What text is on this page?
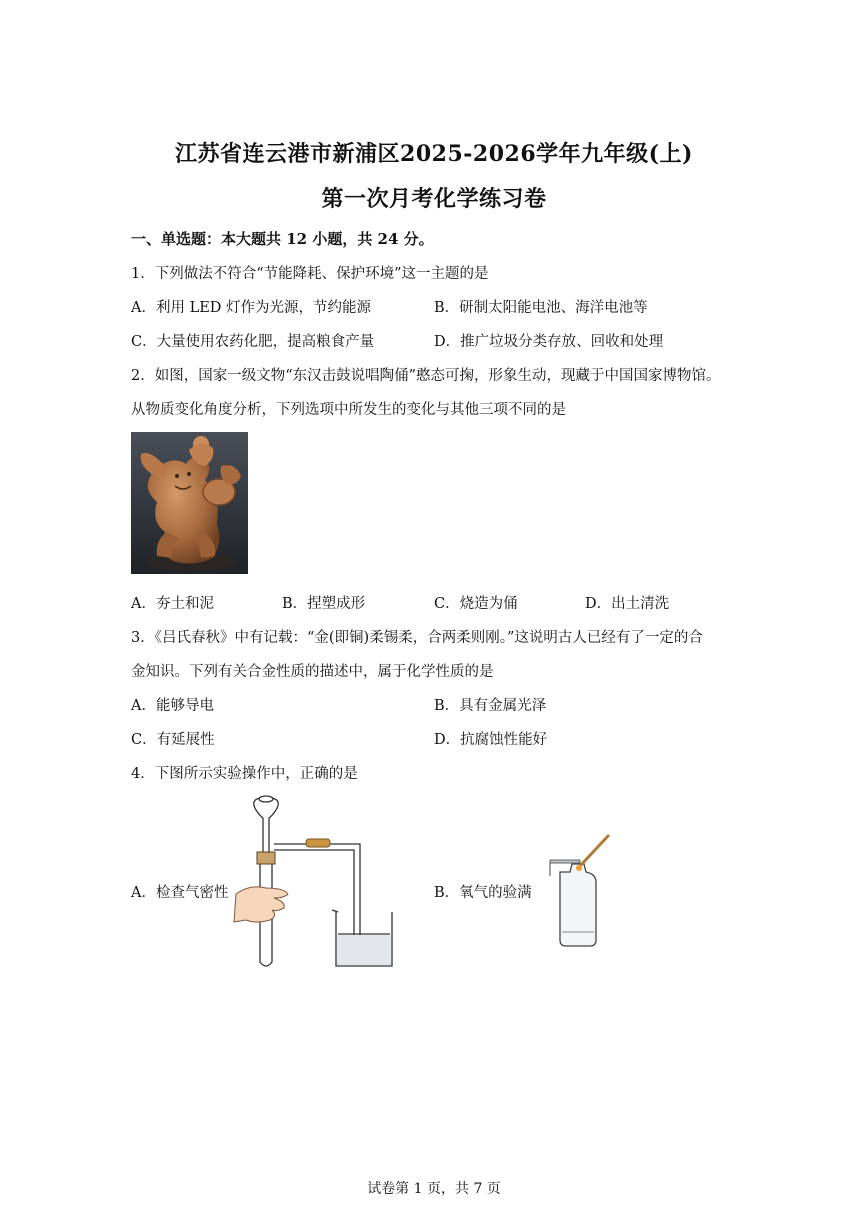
江苏省连云港市新浦区2025-2026学年九年级(上)
第一次月考化学练习卷
一、单选题：本大题共 12 小题，共 24 分。
1．下列做法不符合“节能降耗、保护环境”这一主题的是
A．利用 LED 灯作为光源，节约能源	B．研制太阳能电池、海洋电池等
C．大量使用农药化肥，提高粮食产量	D．推广垃圾分类存放、回收和处理
2．如图，国家一级文物“东汉击鼓说唱陶俑”憨态可掬，形象生动，现藏于中国国家博物馆。
从物质变化角度分析，下列选项中所发生的变化与其他三项不同的是
A．夯土和泥	B．捏塑成形	C．烧造为俑	D．出土清洗
3．《吕氏春秋》中有记载：“金(即铜)柔锡柔，合两柔则刚。”这说明古人已经有了一定的合
金知识。下列有关合金性质的描述中，属于化学性质的是
A．能够导电	B．具有金属光泽
C．有延展性	D．抗腐蚀性能好
4．下图所示实验操作中，正确的是
A．检查气密性	B．氧气的验满
试卷第 1 页，共 7 页
